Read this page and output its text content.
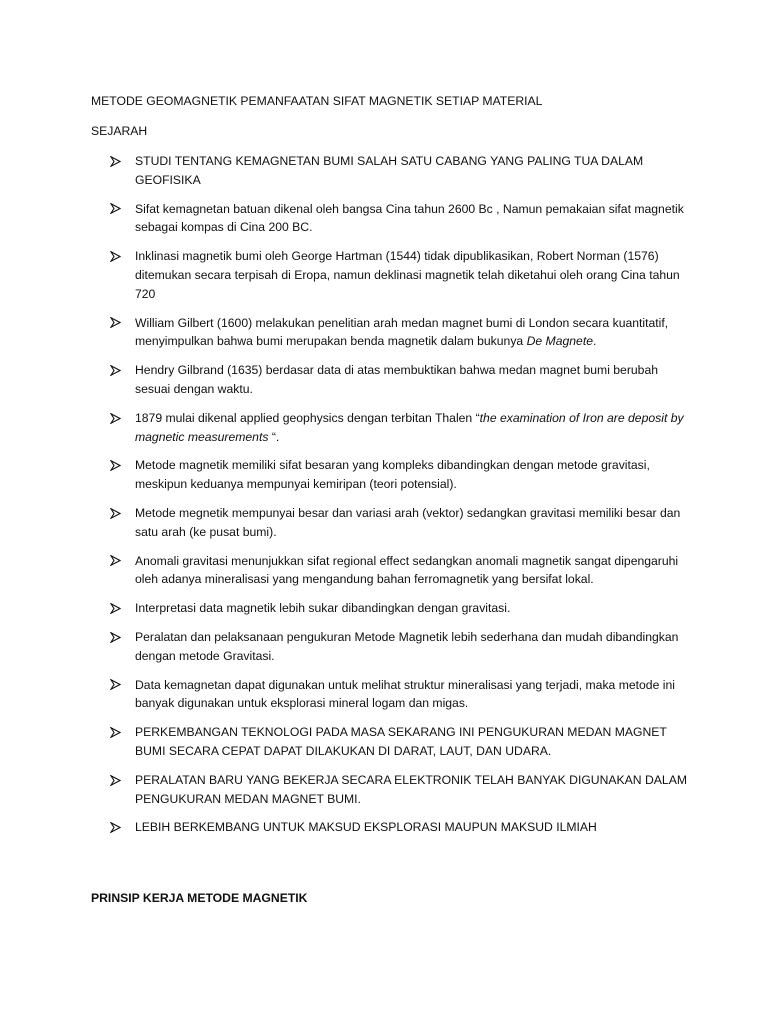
METODE GEOMAGNETIK PEMANFAATAN SIFAT MAGNETIK SETIAP MATERIAL
SEJARAH
STUDI TENTANG KEMAGNETAN BUMI SALAH SATU CABANG YANG PALING TUA DALAM GEOFISIKA
Sifat kemagnetan batuan dikenal oleh bangsa Cina tahun 2600 Bc , Namun pemakaian sifat magnetik sebagai kompas di Cina 200 BC.
Inklinasi magnetik bumi oleh George Hartman (1544) tidak dipublikasikan, Robert Norman (1576) ditemukan secara terpisah di Eropa, namun deklinasi magnetik telah diketahui oleh orang Cina tahun 720
William Gilbert (1600) melakukan penelitian arah medan magnet bumi di London secara kuantitatif, menyimpulkan bahwa bumi merupakan benda magnetik dalam bukunya De Magnete.
Hendry Gilbrand (1635) berdasar data di atas membuktikan bahwa medan magnet bumi berubah sesuai dengan waktu.
1879 mulai dikenal applied geophysics dengan terbitan Thalen “the examination of Iron are deposit by magnetic measurements “.
Metode magnetik memiliki sifat besaran yang kompleks dibandingkan dengan metode gravitasi, meskipun keduanya mempunyai kemiripan (teori potensial).
Metode megnetik mempunyai besar dan variasi arah (vektor) sedangkan gravitasi memiliki besar dan satu arah (ke pusat bumi).
Anomali gravitasi menunjukkan sifat regional effect sedangkan anomali magnetik sangat dipengaruhi oleh adanya mineralisasi yang mengandung bahan ferromagnetik yang bersifat lokal.
Interpretasi data magnetik lebih sukar dibandingkan dengan gravitasi.
Peralatan dan pelaksanaan pengukuran Metode Magnetik lebih sederhana dan mudah dibandingkan dengan metode Gravitasi.
Data kemagnetan dapat digunakan untuk melihat struktur mineralisasi yang terjadi, maka metode ini banyak digunakan untuk eksplorasi mineral logam dan migas.
PERKEMBANGAN TEKNOLOGI PADA MASA SEKARANG INI PENGUKURAN MEDAN MAGNET BUMI SECARA CEPAT DAPAT DILAKUKAN DI DARAT, LAUT, DAN UDARA.
PERALATAN BARU YANG BEKERJA SECARA ELEKTRONIK TELAH BANYAK DIGUNAKAN DALAM PENGUKURAN MEDAN MAGNET BUMI.
LEBIH BERKEMBANG UNTUK MAKSUD EKSPLORASI MAUPUN MAKSUD ILMIAH
PRINSIP KERJA METODE MAGNETIK
